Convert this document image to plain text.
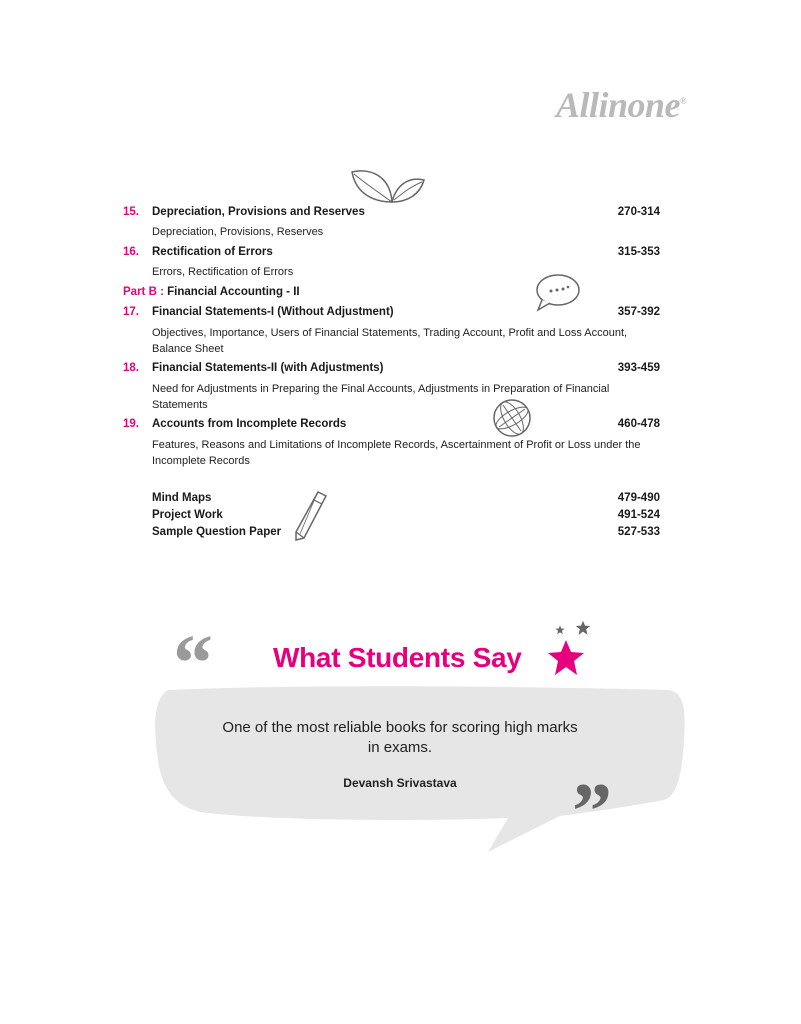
Allinone®
15. Depreciation, Provisions and Reserves	270-314
Depreciation, Provisions, Reserves
16. Rectification of Errors	315-353
Errors, Rectification of Errors
Part B : Financial Accounting - II
17. Financial Statements-I (Without Adjustment)	357-392
Objectives, Importance, Users of Financial Statements, Trading Account, Profit and Loss Account, Balance Sheet
18. Financial Statements-II (with Adjustments)	393-459
Need for Adjustments in Preparing the Final Accounts, Adjustments in Preparation of Financial Statements
19. Accounts from Incomplete Records	460-478
Features, Reasons and Limitations of Incomplete Records, Ascertainment of Profit or Loss under the Incomplete Records
Mind Maps	479-490
Project Work	491-524
Sample Question Paper	527-533
“ What Students Say
One of the most reliable books for scoring high marks in exams.
Devansh Srivastava	”
